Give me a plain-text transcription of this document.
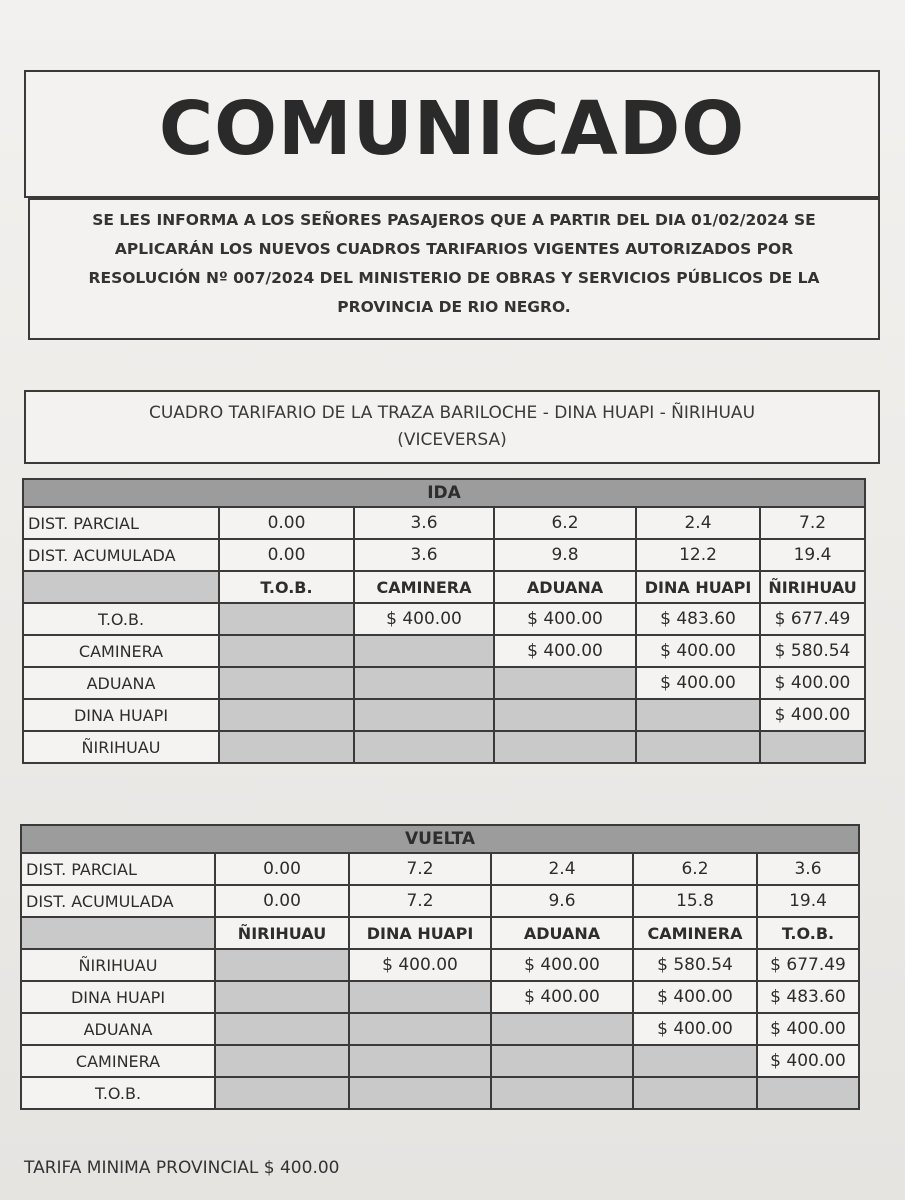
COMUNICADO
SE LES INFORMA A LOS SEÑORES PASAJEROS QUE A PARTIR DEL DIA 01/02/2024 SE
APLICARÁN LOS NUEVOS CUADROS TARIFARIOS VIGENTES AUTORIZADOS POR
RESOLUCIÓN Nº 007/2024 DEL MINISTERIO DE OBRAS Y SERVICIOS PÚBLICOS DE LA
PROVINCIA DE RIO NEGRO.
CUADRO TARIFARIO DE LA TRAZA BARILOCHE - DINA HUAPI - ÑIRIHUAU
(VICEVERSA)
IDA					
DIST. PARCIAL	0.00	3.6	6.2	2.4	7.2
DIST. ACUMULADA	0.00	3.6	9.8	12.2	19.4
	T.O.B.	CAMINERA	ADUANA	DINA HUAPI	ÑIRIHUAU
T.O.B.		$ 400.00	$ 400.00	$ 483.60	$ 677.49
CAMINERA			$ 400.00	$ 400.00	$ 580.54
ADUANA				$ 400.00	$ 400.00
DINA HUAPI					$ 400.00
ÑIRIHUAU					
VUELTA					
DIST. PARCIAL	0.00	7.2	2.4	6.2	3.6
DIST. ACUMULADA	0.00	7.2	9.6	15.8	19.4
	ÑIRIHUAU	DINA HUAPI	ADUANA	CAMINERA	T.O.B.
ÑIRIHUAU		$ 400.00	$ 400.00	$ 580.54	$ 677.49
DINA HUAPI			$ 400.00	$ 400.00	$ 483.60
ADUANA				$ 400.00	$ 400.00
CAMINERA					$ 400.00
T.O.B.					
TARIFA MINIMA PROVINCIAL $ 400.00
